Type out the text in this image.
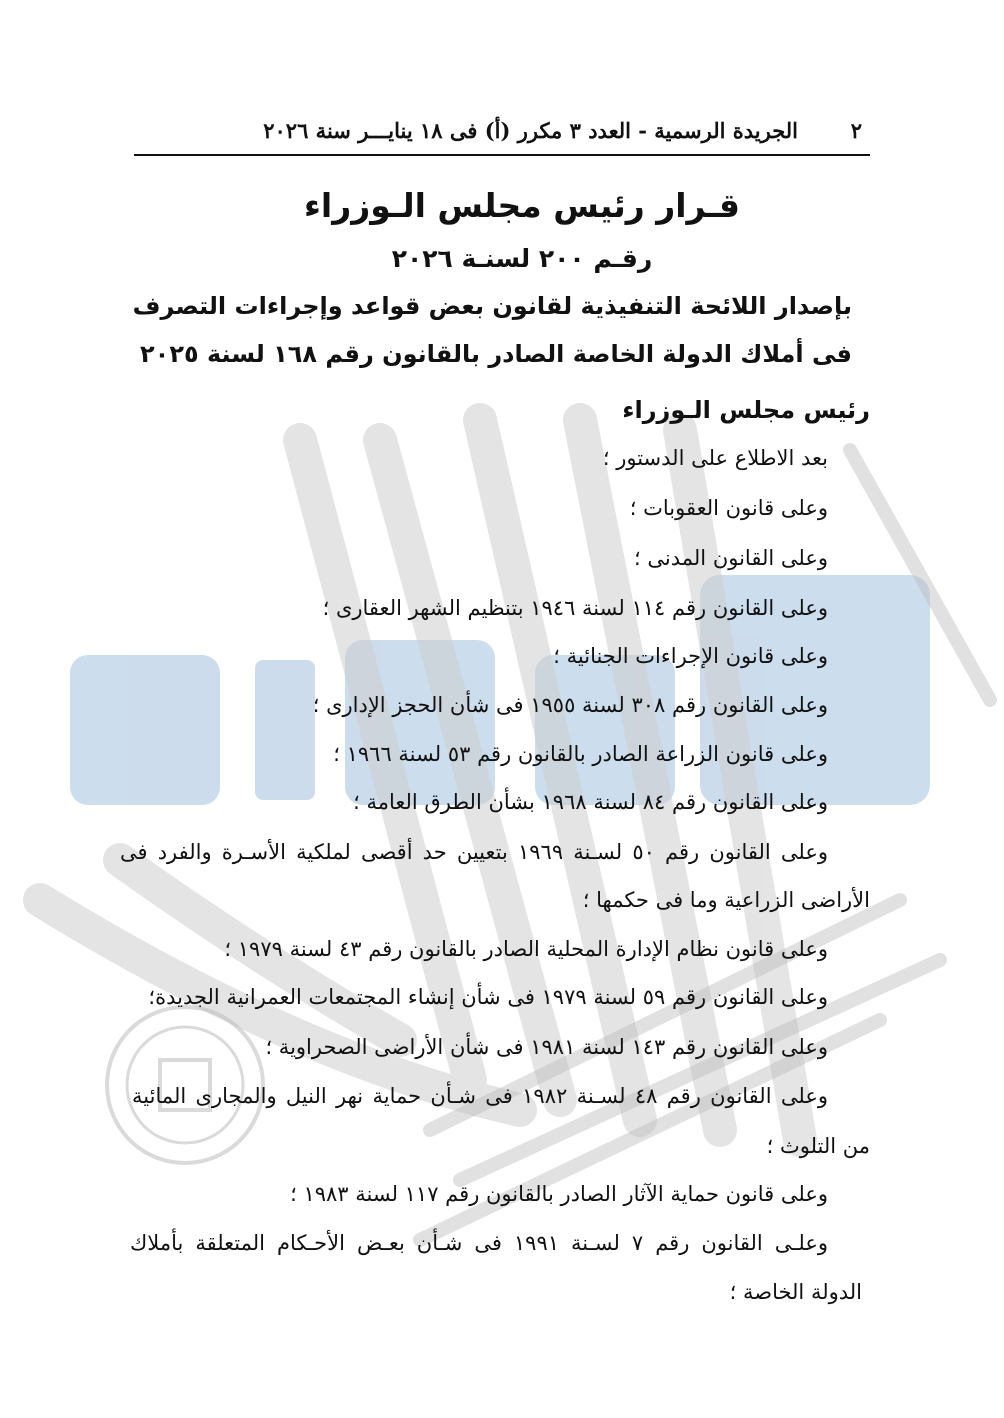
٢
الجريدة الرسمية - العدد ٣ مكرر (أ) فى ١٨ ينايـــر سنة ٢٠٢٦
قـرار رئيس مجلس الـوزراء
رقـم ٢٠٠ لسنـة ٢٠٢٦
بإصدار اللائحة التنفيذية لقانون بعض قواعد وإجراءات التصرف
فى أملاك الدولة الخاصة الصادر بالقانون رقم ١٦٨ لسنة ٢٠٢٥
رئيس مجلس الـوزراء
بعد الاطلاع على الدستور ؛
وعلى قانون العقوبات ؛
وعلى القانون المدنى ؛
وعلى القانون رقم ١١٤ لسنة ١٩٤٦ بتنظيم الشهر العقارى ؛
وعلى قانون الإجراءات الجنائية ؛
وعلى القانون رقم ٣٠٨ لسنة ١٩٥٥ فى شأن الحجز الإدارى ؛
وعلى قانون الزراعة الصادر بالقانون رقم ٥٣ لسنة ١٩٦٦ ؛
وعلى القانون رقم ٨٤ لسنة ١٩٦٨ بشأن الطرق العامة ؛
وعلى القانون رقم ٥٠ لسـنة ١٩٦٩ بتعيين حد أقصى لملكية الأسـرة والفرد فى
الأراضى الزراعية وما فى حكمها ؛
وعلى قانون نظام الإدارة المحلية الصادر بالقانون رقم ٤٣ لسنة ١٩٧٩ ؛
وعلى القانون رقم ٥٩ لسنة ١٩٧٩ فى شأن إنشاء المجتمعات العمرانية الجديدة؛
وعلى القانون رقم ١٤٣ لسنة ١٩٨١ فى شأن الأراضى الصحراوية ؛
وعلى القانون رقم ٤٨ لسـنة ١٩٨٢ فى شـأن حماية نهر النيل والمجارى المائية
من التلوث ؛
وعلى قانون حماية الآثار الصادر بالقانون رقم ١١٧ لسنة ١٩٨٣ ؛
وعلـى القانون رقم ٧ لسـنة ١٩٩١ فى شـأن بعـض الأحـكام المتعلقة بأملاك
الدولة الخاصة ؛
